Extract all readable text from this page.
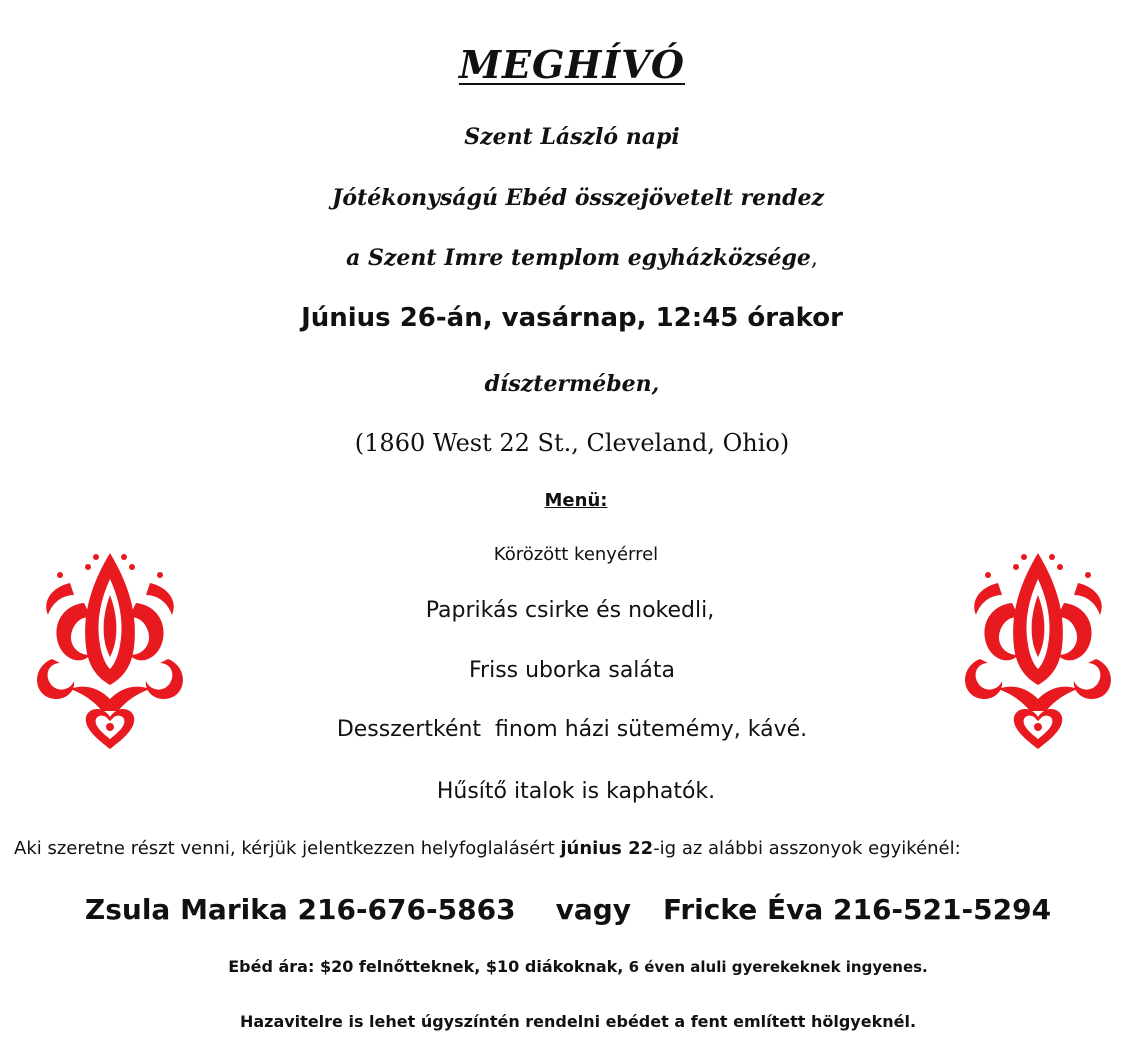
MEGHÍVÓ
Szent László napi
Jótékonyságú Ebéd összejövetelt rendez
a Szent Imre templom egyházközsége,
Június 26-án, vasárnap, 12:45 órakor
dísztermében,
(1860 West 22 St., Cleveland, Ohio)
Menü:
Körözött kenyérrel
Paprikás csirke és nokedli,
Friss uborka saláta
Desszertként  finom házi sütemémy, kávé.
Hűsítő italok is kaphatók.
Aki szeretne részt venni, kérjük jelentkezzen helyfoglalásért június 22-ig az alábbi asszonyok egyikénél:
Zsula Marika 216-676-5863 vagy Fricke Éva 216-521-5294
Ebéd ára: $20 felnőtteknek, $10 diákoknak, 6 éven aluli gyerekeknek ingyenes.
Hazavitelre is lehet úgyszíntén rendelni ebédet a fent említett hölgyeknél.
